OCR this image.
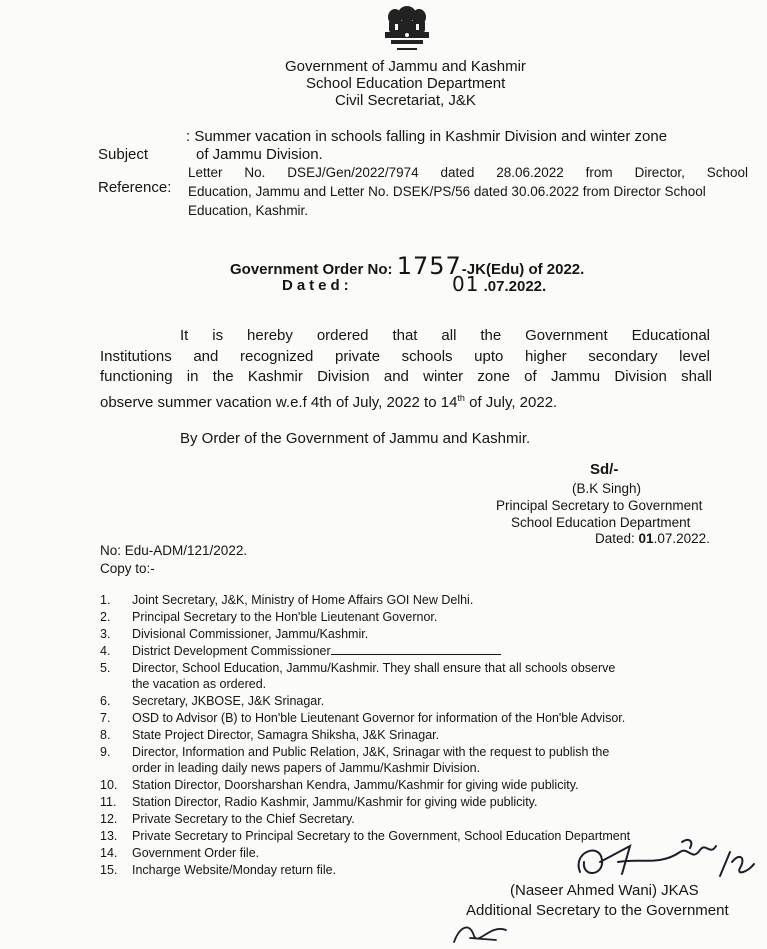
Government of Jammu and Kashmir
School Education Department
Civil Secretariat, J&K
Subject
: Summer vacation in schools falling in Kashmir Division and winter zone
of Jammu Division.
Reference:
Letter No. DSEJ/Gen/2022/7974 dated 28.06.2022 from Director, School
Education, Jammu and Letter No. DSEK/PS/56 dated 30.06.2022 from Director School
Education, Kashmir.
Government Order No: 1757-JK(Edu) of 2022.
Dated:	01 .07.2022.
It is hereby ordered that all the Government Educational
Institutions and recognized private schools upto higher secondary level
functioning in the Kashmir Division and winter zone of Jammu Division shall
observe summer vacation w.e.f 4th of July, 2022 to 14th of July, 2022.
By Order of the Government of Jammu and Kashmir.
Sd/-
(B.K Singh)
Principal Secretary to Government
School Education Department
Dated: 01.07.2022.
No: Edu-ADM/121/2022.
Copy to:-
1. Joint Secretary, J&K, Ministry of Home Affairs GOI New Delhi.
2. Principal Secretary to the Hon'ble Lieutenant Governor.
3. Divisional Commissioner, Jammu/Kashmir.
4. District Development Commissioner
5. Director, School Education, Jammu/Kashmir. They shall ensure that all schools observe
the vacation as ordered.
6. Secretary, JKBOSE, J&K Srinagar.
7. OSD to Advisor (B) to Hon'ble Lieutenant Governor for information of the Hon'ble Advisor.
8. State Project Director, Samagra Shiksha, J&K Srinagar.
9. Director, Information and Public Relation, J&K, Srinagar with the request to publish the
order in leading daily news papers of Jammu/Kashmir Division.
10. Station Director, Doorsharshan Kendra, Jammu/Kashmir for giving wide publicity.
11. Station Director, Radio Kashmir, Jammu/Kashmir for giving wide publicity.
12. Private Secretary to the Chief Secretary.
13. Private Secretary to Principal Secretary to the Government, School Education Department
14. Government Order file.
15. Incharge Website/Monday return file.
(Naseer Ahmed Wani) JKAS
Additional Secretary to the Government
